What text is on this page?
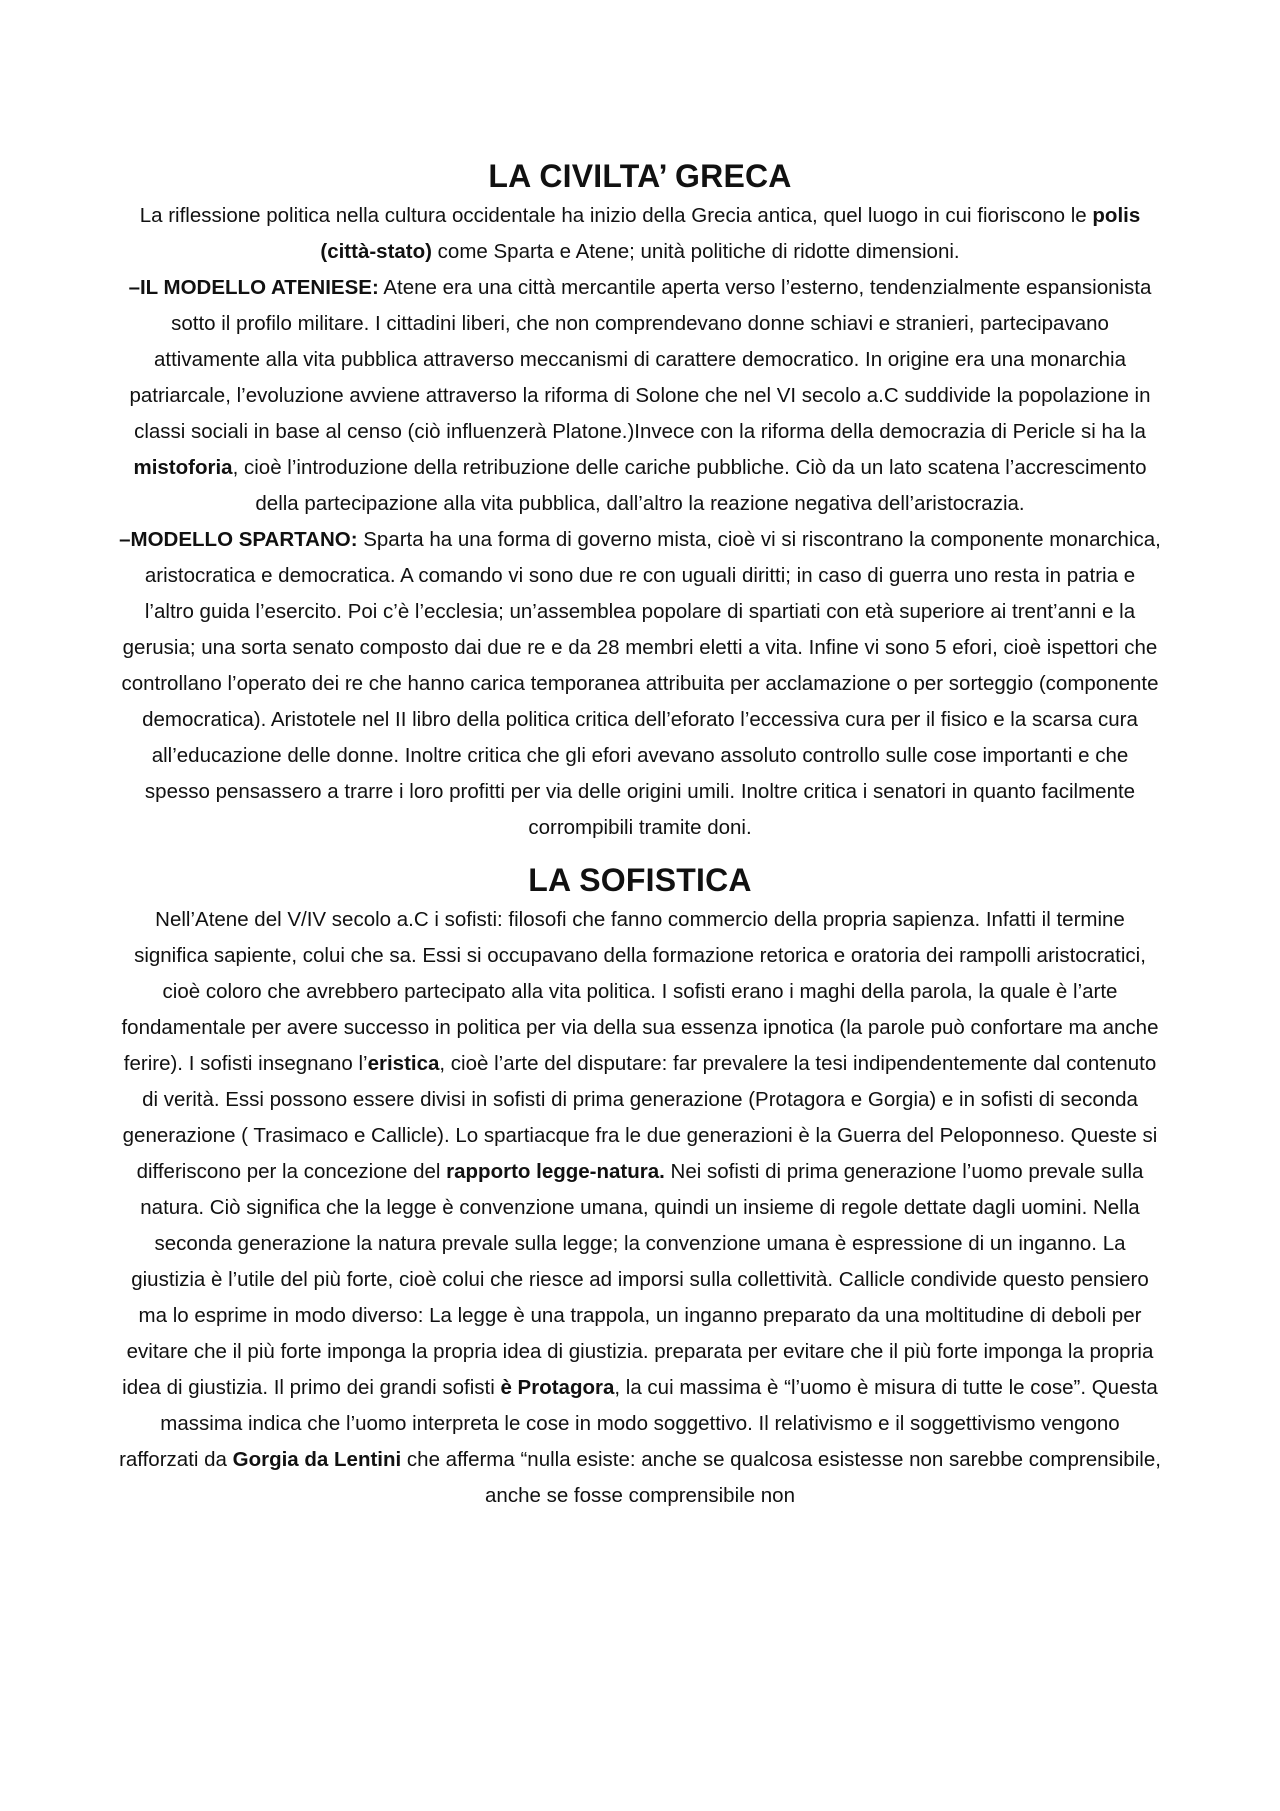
LA CIVILTA’ GRECA

La riflessione politica nella cultura occidentale ha inizio della Grecia antica, quel luogo in cui fioriscono le polis (città-stato) come Sparta e Atene; unità politiche di ridotte dimensioni.

–IL MODELLO ATENIESE: Atene era una città mercantile aperta verso l’esterno, tendenzialmente espansionista sotto il profilo militare. I cittadini liberi, che non comprendevano donne schiavi e stranieri, partecipavano attivamente alla vita pubblica attraverso meccanismi di carattere democratico. In origine era una monarchia patriarcale, l’evoluzione avviene attraverso la riforma di Solone che nel VI secolo a.C suddivide la popolazione in classi sociali in base al censo (ciò influenzerà Platone.)Invece con la riforma della democrazia di Pericle si ha la mistoforia, cioè l’introduzione della retribuzione delle cariche pubbliche. Ciò da un lato scatena l’accrescimento della partecipazione alla vita pubblica, dall’altro la reazione negativa dell’aristocrazia.

–MODELLO SPARTANO: Sparta ha una forma di governo mista, cioè vi si riscontrano la componente monarchica, aristocratica e democratica. A comando vi sono due re con uguali diritti; in caso di guerra uno resta in patria e l’altro guida l’esercito. Poi c’è l’ecclesia; un’assemblea popolare di spartiati con età superiore ai trent’anni e la gerusia; una sorta senato composto dai due re e da 28 membri eletti a vita. Infine vi sono 5 efori, cioè ispettori che controllano l’operato dei re che hanno carica temporanea attribuita per acclamazione o per sorteggio (componente democratica). Aristotele nel II libro della politica critica dell’eforato l’eccessiva cura per il fisico e la scarsa cura all’educazione delle donne. Inoltre critica che gli efori avevano assoluto controllo sulle cose importanti e che spesso pensassero a trarre i loro profitti per via delle origini umili. Inoltre critica i senatori in quanto facilmente corrompibili tramite doni.

LA SOFISTICA

Nell’Atene del V/IV secolo a.C i sofisti: filosofi che fanno commercio della propria sapienza. Infatti il termine significa sapiente, colui che sa. Essi si occupavano della formazione retorica e oratoria dei rampolli aristocratici, cioè coloro che avrebbero partecipato alla vita politica. I sofisti erano i maghi della parola, la quale è l’arte fondamentale per avere successo in politica per via della sua essenza ipnotica (la parole può confortare ma anche ferire). I sofisti insegnano l’eristica, cioè l’arte del disputare: far prevalere la tesi indipendentemente dal contenuto di verità. Essi possono essere divisi in sofisti di prima generazione (Protagora e Gorgia) e in sofisti di seconda generazione ( Trasimaco e Callicle). Lo spartiacque fra le due generazioni è la Guerra del Peloponneso. Queste si differiscono per la concezione del rapporto legge-natura. Nei sofisti di prima generazione l’uomo prevale sulla natura. Ciò significa che la legge è convenzione umana, quindi un insieme di regole dettate dagli uomini. Nella seconda generazione la natura prevale sulla legge; la convenzione umana è espressione di un inganno. La giustizia è l’utile del più forte, cioè colui che riesce ad imporsi sulla collettività. Callicle condivide questo pensiero ma lo esprime in modo diverso: La legge è una trappola, un inganno preparato da una moltitudine di deboli per evitare che il più forte imponga la propria idea di giustizia. preparata per evitare che il più forte imponga la propria idea di giustizia. Il primo dei grandi sofisti è Protagora, la cui massima è “l’uomo è misura di tutte le cose”. Questa massima indica che l’uomo interpreta le cose in modo soggettivo. Il relativismo e il soggettivismo vengono rafforzati da Gorgia da Lentini che afferma “nulla esiste: anche se qualcosa esistesse non sarebbe comprensibile, anche se fosse comprensibile non
